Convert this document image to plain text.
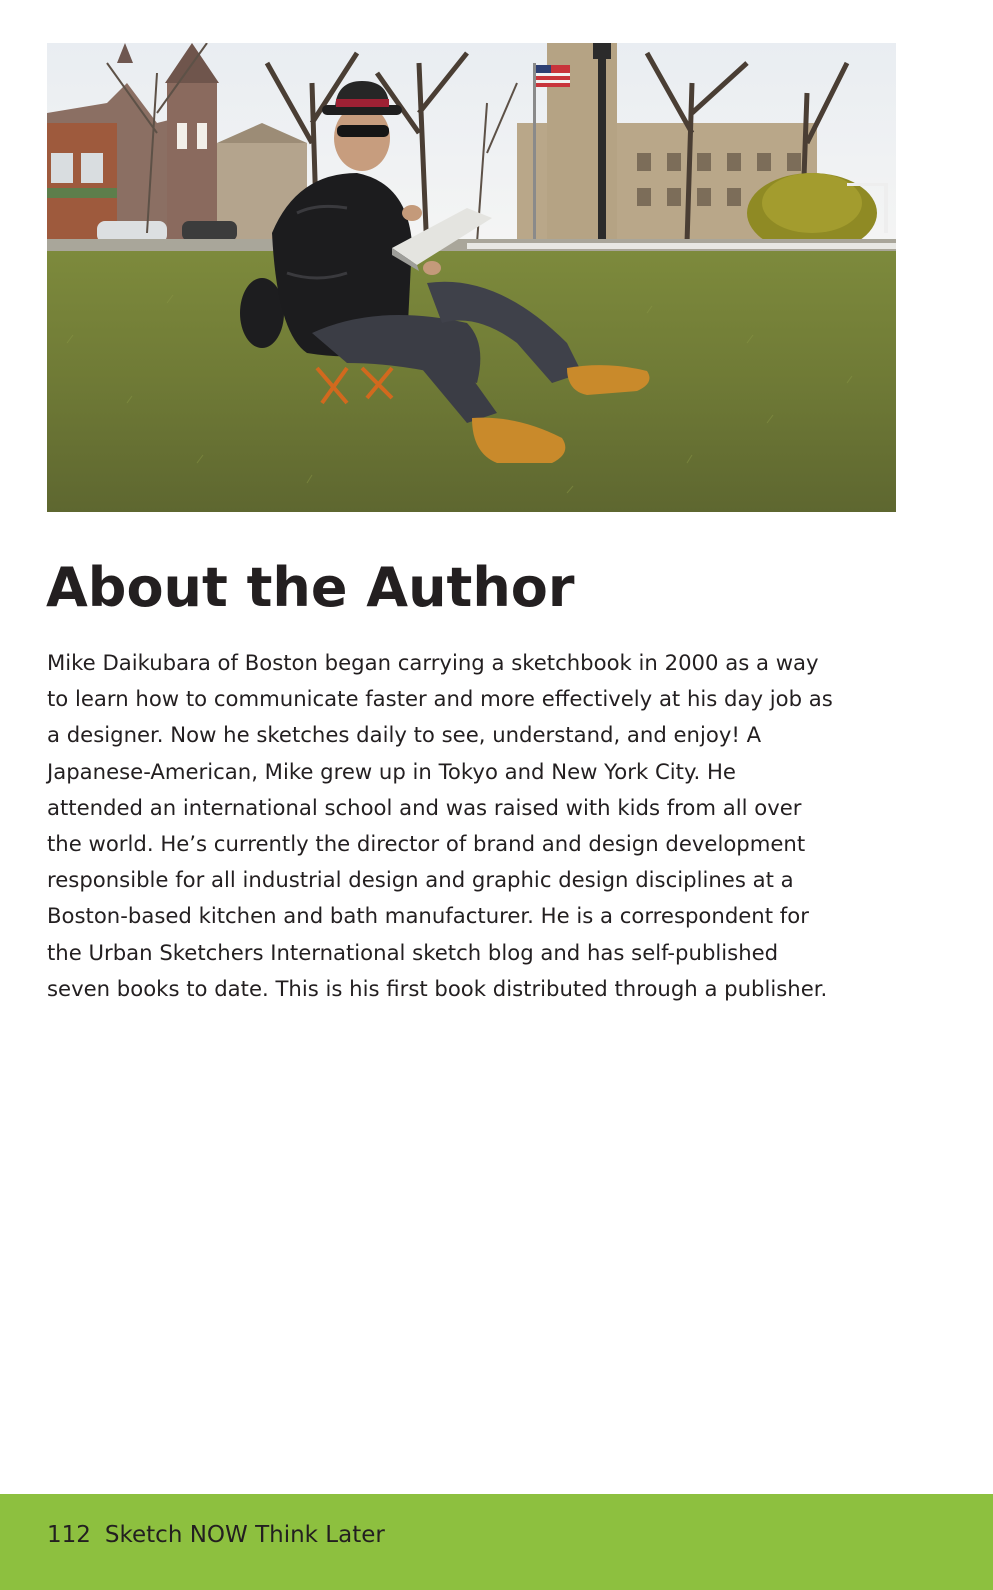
About the Author
Mike Daikubara of Boston began carrying a sketchbook in 2000 as a way
to learn how to communicate faster and more effectively at his day job as
a designer. Now he sketches daily to see, understand, and enjoy! A
Japanese-American, Mike grew up in Tokyo and New York City. He
attended an international school and was raised with kids from all over
the world. He’s currently the director of brand and design development
responsible for all industrial design and graphic design disciplines at a
Boston-based kitchen and bath manufacturer. He is a correspondent for
the Urban Sketchers International sketch blog and has self-published
seven books to date. This is his first book distributed through a publisher.
112 Sketch NOW Think Later
